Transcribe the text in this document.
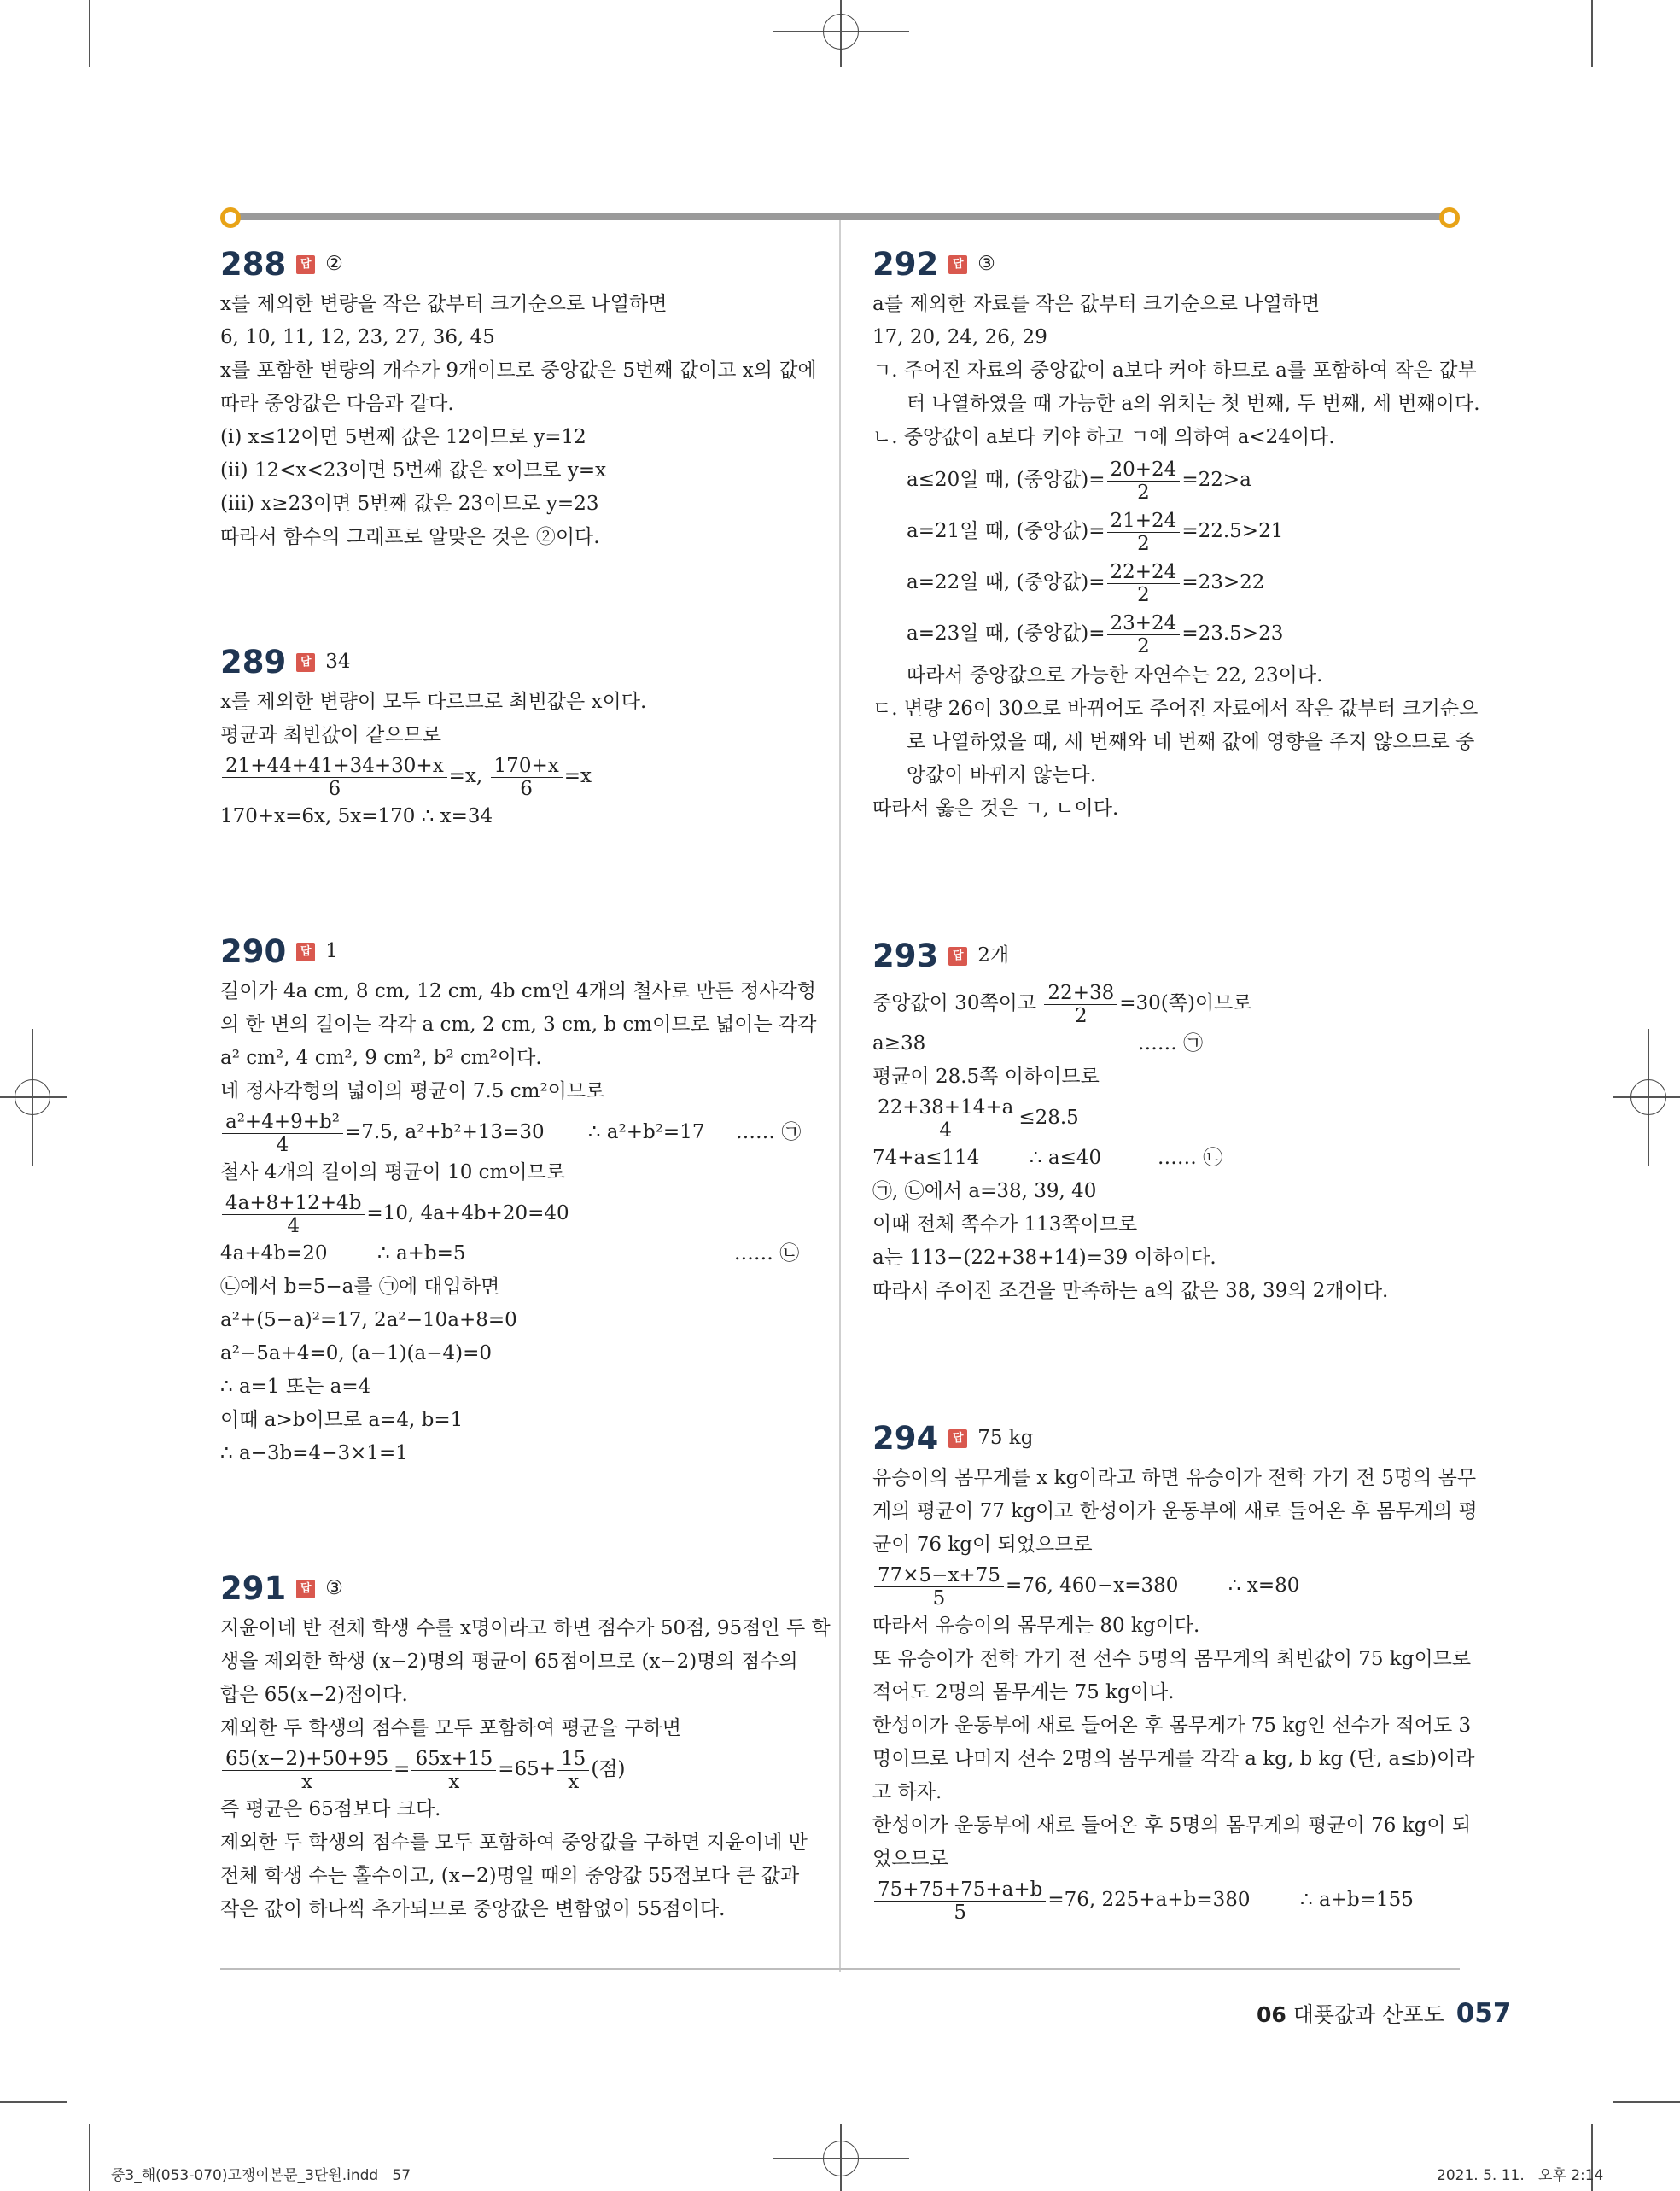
288	답 ②

x를 제외한 변량을 작은 값부터 크기순으로 나열하면

6, 10, 11, 12, 23, 27, 36, 45

x를 포함한 변량의 개수가 9개이므로 중앙값은 5번째 값이고 x의 값에

따라 중앙값은 다음과 같다.

(ⅰ) x≤12이면 5번째 값은 12이므로 y=12

(ⅱ) 12<x<23이면 5번째 값은 x이므로 y=x

(ⅲ) x≥23이면 5번째 값은 23이므로 y=23

따라서 함수의 그래프로 알맞은 것은 ②이다.

289	답 34

x를 제외한 변량이 모두 다르므로 최빈값은 x이다.

평균과 최빈값이 같으므로

$\frac{21+44+41+34+30+x}{6} =x$, $\frac{170+x}{6} =x$

170+x=6x, 5x=170 ∴ x=34

290	답 1

길이가 4a cm, 8 cm, 12 cm, 4b cm인 4개의 철사로 만든 정사각형

의 한 변의 길이는 각각 a cm, 2 cm, 3 cm, b cm이므로 넓이는 각각

a² cm², 4 cm², 9 cm², b² cm²이다.

네 정사각형의 넓이의 평균이 7.5 cm²이므로

$\frac{\text{a²+4+9+b²}}{4} =7.5$, a²+b²+13=30       ∴ a²+b²=17     …… ㉠

철사 4개의 길이의 평균이 10 cm이므로

$\frac{4a+8+12+4b}{4} =10$, 4a+4b+20=40

4a+4b=20        ∴ a+b=5                                           …… ㉡

㉡에서 b=5−a를 ㉠에 대입하면

a²+(5−a)²=17, 2a²−10a+8=0

a²−5a+4=0, (a−1)(a−4)=0

∴ a=1 또는 a=4

이때 a>b이므로 a=4, b=1

∴ a−3b=4−3×1=1

291	답 ③

지윤이네 반 전체 학생 수를 x명이라고 하면 점수가 50점, 95점인 두 학

생을 제외한 학생 (x−2)명의 평균이 65점이므로 (x−2)명의 점수의

합은 65(x−2)점이다.

제외한 두 학생의 점수를 모두 포함하여 평균을 구하면

$\frac{65(x-2)+50+95}{x} = \frac{65x+15}{x} =65+ \frac{15}{x}$ (점)

즉 평균은 65점보다 크다.

제외한 두 학생의 점수를 모두 포함하여 중앙값을 구하면 지윤이네 반

전체 학생 수는 홀수이고, (x−2)명일 때의 중앙값 55점보다 큰 값과

작은 값이 하나씩 추가되므로 중앙값은 변함없이 55점이다.

292	답 ③

a를 제외한 자료를 작은 값부터 크기순으로 나열하면

17, 20, 24, 26, 29

ㄱ. 주어진 자료의 중앙값이 a보다 커야 하므로 a를 포함하여 작은 값부

터 나열하였을 때 가능한 a의 위치는 첫 번째, 두 번째, 세 번째이다.

ㄴ. 중앙값이 a보다 커야 하고 ㄱ에 의하여 a<24이다.

a≤20일 때, (중앙값)= $\frac{20+24}{2} =22>a$

a=21일 때, (중앙값)= $\frac{21+24}{2} =22.5>21$

a=22일 때, (중앙값)= $\frac{22+24}{2} =23>22$

a=23일 때, (중앙값)= $\frac{23+24}{2} =23.5>23$

따라서 중앙값으로 가능한 자연수는 22, 23이다.

ㄷ. 변량 26이 30으로 바뀌어도 주어진 자료에서 작은 값부터 크기순으

로 나열하였을 때, 세 번째와 네 번째 값에 영향을 주지 않으므로 중

앙값이 바뀌지 않는다.

따라서 옳은 것은 ㄱ, ㄴ이다.

293	답 2개

중앙값이 30쪽이고 $\frac{22+38}{2} =30$(쪽)이므로

a≥38                                  …… ㉠

평균이 28.5쪽 이하이므로

$\frac{22+38+14+a}{4} \le 28.5$

74+a≤114        ∴ a≤40         …… ㉡

㉠, ㉡에서 a=38, 39, 40

이때 전체 쪽수가 113쪽이므로

a는 113−(22+38+14)=39 이하이다.

따라서 주어진 조건을 만족하는 a의 값은 38, 39의 2개이다.

294	답 75 kg

유승이의 몸무게를 x kg이라고 하면 유승이가 전학 가기 전 5명의 몸무

게의 평균이 77 kg이고 한성이가 운동부에 새로 들어온 후 몸무게의 평

균이 76 kg이 되었으므로

$\frac{77\times 5-x+75}{5} =76$, 460−x=380        ∴ x=80

따라서 유승이의 몸무게는 80 kg이다.

또 유승이가 전학 가기 전 선수 5명의 몸무게의 최빈값이 75 kg이므로

적어도 2명의 몸무게는 75 kg이다.

한성이가 운동부에 새로 들어온 후 몸무게가 75 kg인 선수가 적어도 3

명이므로 나머지 선수 2명의 몸무게를 각각 a kg, b kg (단, a≤b)이라

고 하자.

한성이가 운동부에 새로 들어온 후 5명의 몸무게의 평균이 76 kg이 되

었으므로

$\frac{75+75+75+a+b}{5} =76$, 225+a+b=380        ∴ a+b=155

06 대푯값과 산포도 057
중3_해(053-070)고쟁이본문_3단원.indd   57	2021. 5. 11.   오후 2:14
